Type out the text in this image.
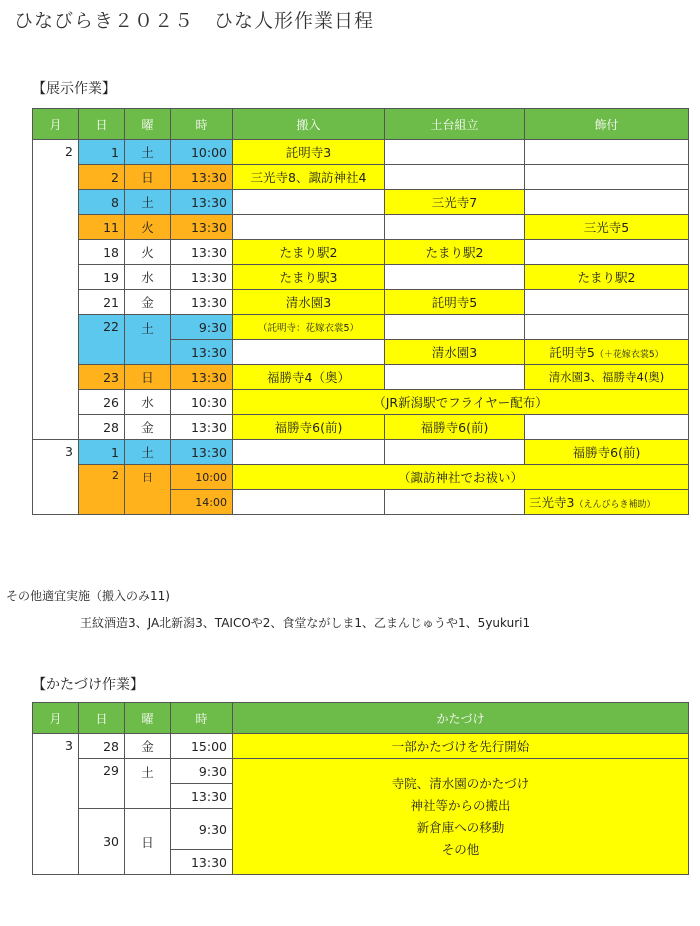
ひなびらき２０２５　ひな人形作業日程
【展示作業】
月	日	曜	時	搬入	土台組立	飾付
2	1	土	10:00	託明寺3		
	2	日	13:30	三光寺8、諏訪神社4		
	8	土	13:30		三光寺7	
	11	火	13:30			三光寺5
	18	火	13:30	たまり駅2	たまり駅2	
	19	水	13:30	たまり駅3		たまり駅2
	21	金	13:30	清水園3	託明寺5	
	22	土	9:30	（託明寺：花嫁衣裳5）		
			13:30		清水園3	託明寺5（＋花嫁衣裳5）
	23	日	13:30	福勝寺4（奥）		清水園3、福勝寺4(奥)
	26	水	10:30	（JR新潟駅でフライヤー配布）		
	28	金	13:30	福勝寺6(前)	福勝寺6(前)	
3	1	土	13:30			福勝寺6(前)
	2	日	10:00	（諏訪神社でお祓い）		
			14:00			三光寺3（えんびらき補助）
その他適宜実施（搬入のみ11)
王紋酒造3、JA北新潟3、TAICOや2、食堂ながしま1、乙まんじゅうや1、5yukuri1
【かたづけ作業】
月	日	曜	時	かたづけ
3	28	金	15:00	一部かたづけを先行開始
	29	土	9:30	寺院、清水園のかたづけ
神社等からの搬出
新倉庫への移動
その他

			13:30	
	30	日	9:30	
			13:30	
